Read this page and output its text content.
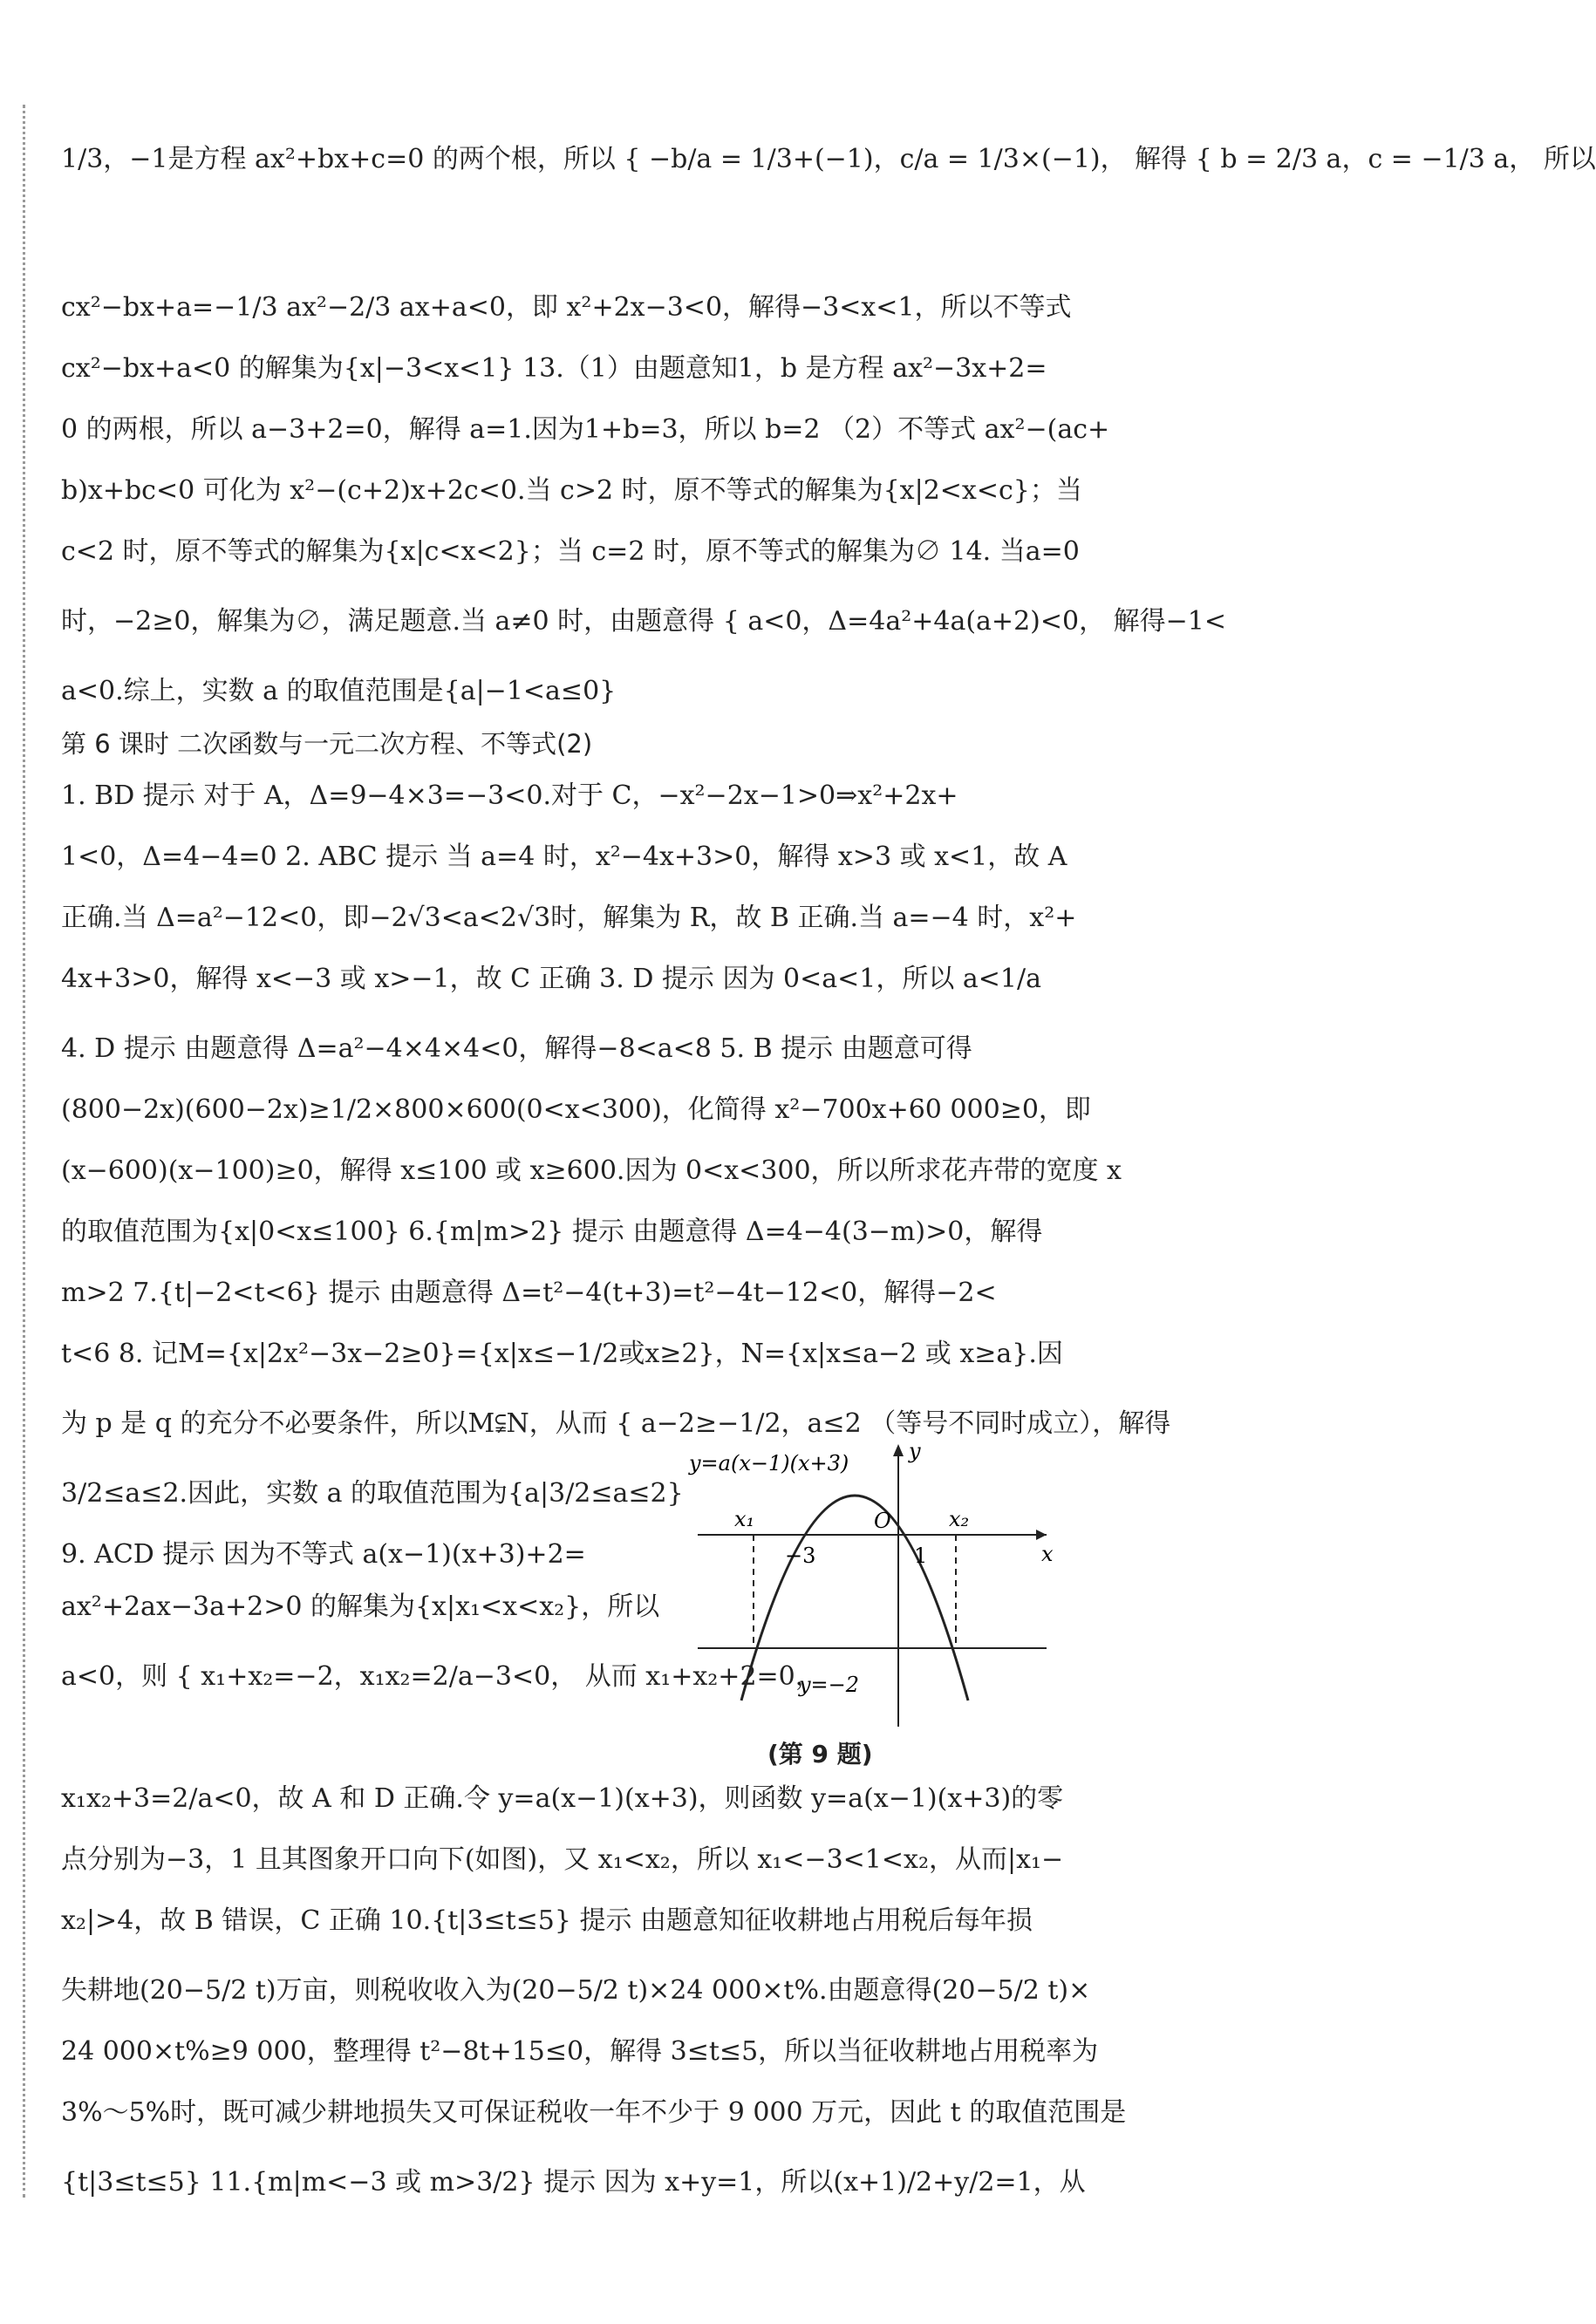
1/3，−1是方程 ax²+bx+c=0 的两个根，所以 { −b/a = 1/3+(−1)，c/a = 1/3×(−1)， 解得 { b = 2/3 a，c = −1/3 a， 所以
cx²−bx+a=−1/3 ax²−2/3 ax+a<0，即 x²+2x−3<0，解得−3<x<1，所以不等式
cx²−bx+a<0 的解集为{x|−3<x<1} 13.（1）由题意知1，b 是方程 ax²−3x+2=
0 的两根，所以 a−3+2=0，解得 a=1.因为1+b=3，所以 b=2 （2）不等式 ax²−(ac+
b)x+bc<0 可化为 x²−(c+2)x+2c<0.当 c>2 时，原不等式的解集为{x|2<x<c}；当
c<2 时，原不等式的解集为{x|c<x<2}；当 c=2 时，原不等式的解集为∅ 14. 当a=0
时，−2≥0，解集为∅，满足题意.当 a≠0 时，由题意得 { a<0，Δ=4a²+4a(a+2)<0， 解得−1<
a<0.综上，实数 a 的取值范围是{a|−1<a≤0}
第 6 课时 二次函数与一元二次方程、不等式(2)
1. BD 提示 对于 A，Δ=9−4×3=−3<0.对于 C，−x²−2x−1>0⇒x²+2x+
1<0，Δ=4−4=0 2. ABC 提示 当 a=4 时，x²−4x+3>0，解得 x>3 或 x<1，故 A
正确.当 Δ=a²−12<0，即−2√3<a<2√3时，解集为 R，故 B 正确.当 a=−4 时，x²+
4x+3>0，解得 x<−3 或 x>−1，故 C 正确 3. D 提示 因为 0<a<1，所以 a<1/a
4. D 提示 由题意得 Δ=a²−4×4×4<0，解得−8<a<8 5. B 提示 由题意可得
(800−2x)(600−2x)≥1/2×800×600(0<x<300)，化简得 x²−700x+60 000≥0，即
(x−600)(x−100)≥0，解得 x≤100 或 x≥600.因为 0<x<300，所以所求花卉带的宽度 x
的取值范围为{x|0<x≤100} 6.{m|m>2} 提示 由题意得 Δ=4−4(3−m)>0，解得
m>2 7.{t|−2<t<6} 提示 由题意得 Δ=t²−4(t+3)=t²−4t−12<0，解得−2<
t<6 8. 记M={x|2x²−3x−2≥0}={x|x≤−1/2或x≥2}，N={x|x≤a−2 或 x≥a}.因
为 p 是 q 的充分不必要条件，所以M⫋N，从而 { a−2≥−1/2，a≤2 （等号不同时成立），解得
3/2≤a≤2.因此，实数 a 的取值范围为{a|3/2≤a≤2}
9. ACD 提示 因为不等式 a(x−1)(x+3)+2=
ax²+2ax−3a+2>0 的解集为{x|x₁<x<x₂}，所以
a<0，则 { x₁+x₂=−2，x₁x₂=2/a−3<0， 从而 x₁+x₂+2=0，
x₁x₂+3=2/a<0，故 A 和 D 正确.令 y=a(x−1)(x+3)，则函数 y=a(x−1)(x+3)的零
点分别为−3，1 且其图象开口向下(如图)，又 x₁<x₂，所以 x₁<−3<1<x₂，从而|x₁−
x₂|>4，故 B 错误，C 正确 10.{t|3≤t≤5} 提示 由题意知征收耕地占用税后每年损
失耕地(20−5/2 t)万亩，则税收收入为(20−5/2 t)×24 000×t%.由题意得(20−5/2 t)×
24 000×t%≥9 000，整理得 t²−8t+15≤0，解得 3≤t≤5，所以当征收耕地占用税率为
3%～5%时，既可减少耕地损失又可保证税收一年不少于 9 000 万元，因此 t 的取值范围是
{t|3≤t≤5} 11.{m|m<−3 或 m>3/2} 提示 因为 x+y=1，所以(x+1)/2+y/2=1，从
y=a(x−1)(x+3)	y
x
O
−3	1
x₁	x₂
y=−2
(第 9 题)
